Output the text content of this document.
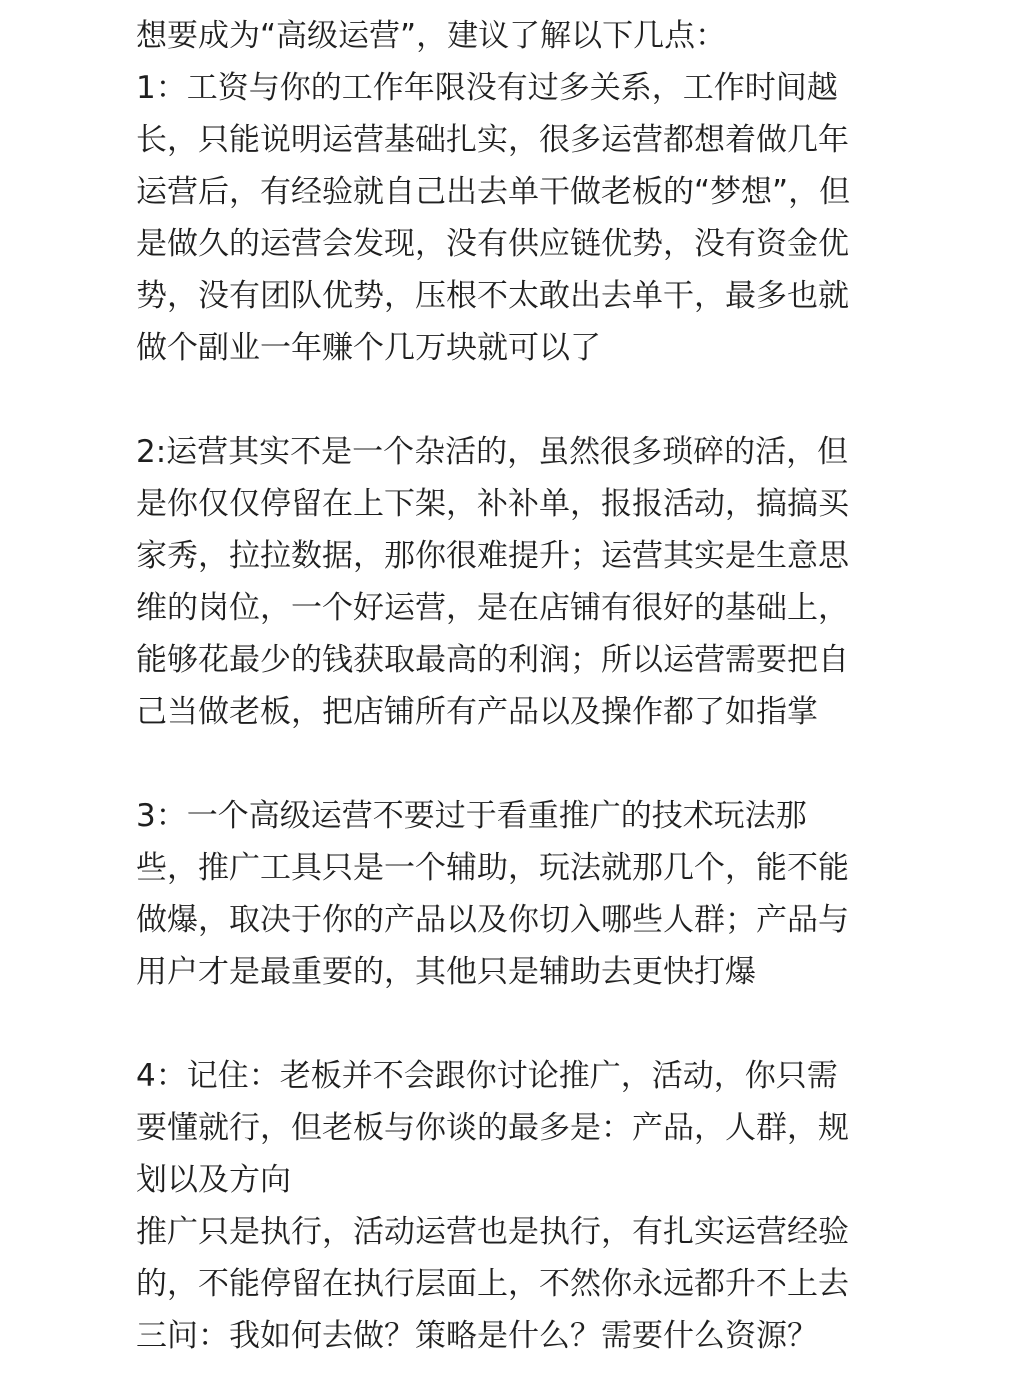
想要成为“高级运营”，建议了解以下几点：
1：工资与你的工作年限没有过多关系，工作时间越
长，只能说明运营基础扎实，很多运营都想着做几年
运营后，有经验就自己出去单干做老板的“梦想”，但
是做久的运营会发现，没有供应链优势，没有资金优
势，没有团队优势，压根不太敢出去单干，最多也就
做个副业一年赚个几万块就可以了
2:运营其实不是一个杂活的，虽然很多琐碎的活，但
是你仅仅停留在上下架，补补单，报报活动，搞搞买
家秀，拉拉数据，那你很难提升；运营其实是生意思
维的岗位，一个好运营，是在店铺有很好的基础上，
能够花最少的钱获取最高的利润；所以运营需要把自
己当做老板，把店铺所有产品以及操作都了如指掌
3：一个高级运营不要过于看重推广的技术玩法那
些，推广工具只是一个辅助，玩法就那几个，能不能
做爆，取决于你的产品以及你切入哪些人群；产品与
用户才是最重要的，其他只是辅助去更快打爆
4：记住：老板并不会跟你讨论推广，活动，你只需
要懂就行，但老板与你谈的最多是：产品，人群，规
划以及方向
推广只是执行，活动运营也是执行，有扎实运营经验
的，不能停留在执行层面上，不然你永远都升不上去
三问：我如何去做？策略是什么？需要什么资源？
